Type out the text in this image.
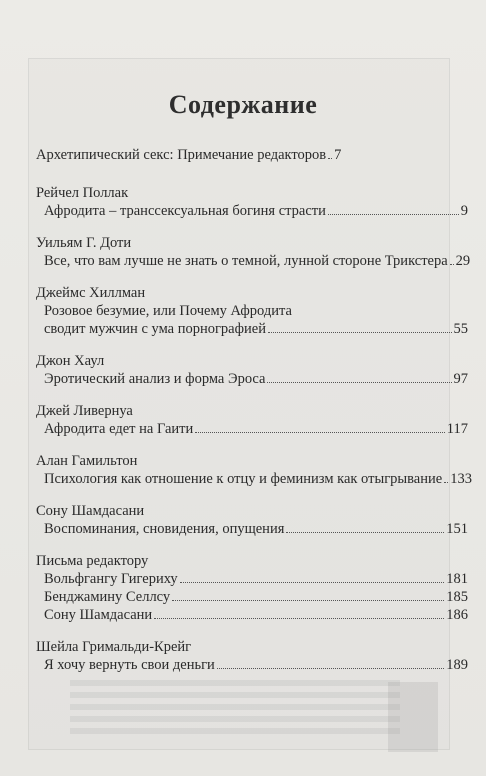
Содержание
Архетипический секс: Примечание редакторов 7
Рейчел Поллак
Афродита – транссексуальная богиня страсти	9
Уильям Г. Доти
Все, что вам лучше не знать о темной, лунной стороне Трикстера 29
Джеймс Хиллман
Розовое безумие, или Почему Афродита
сводит мужчин с ума порнографией	55
Джон Хаул
Эротический анализ и форма Эроса	97
Джей Ливернуа
Афродита едет на Гаити	117
Алан Гамильтон
Психология как отношение к отцу и феминизм как отыгрывание 133
Сону Шамдасани
Воспоминания, сновидения, опущения	151
Письма редактору
Вольфгангу Гигериху	181
Бенджамину Селлсу	185
Сону Шамдасани	186
Шейла Гримальди-Крейг
Я хочу вернуть свои деньги	189
